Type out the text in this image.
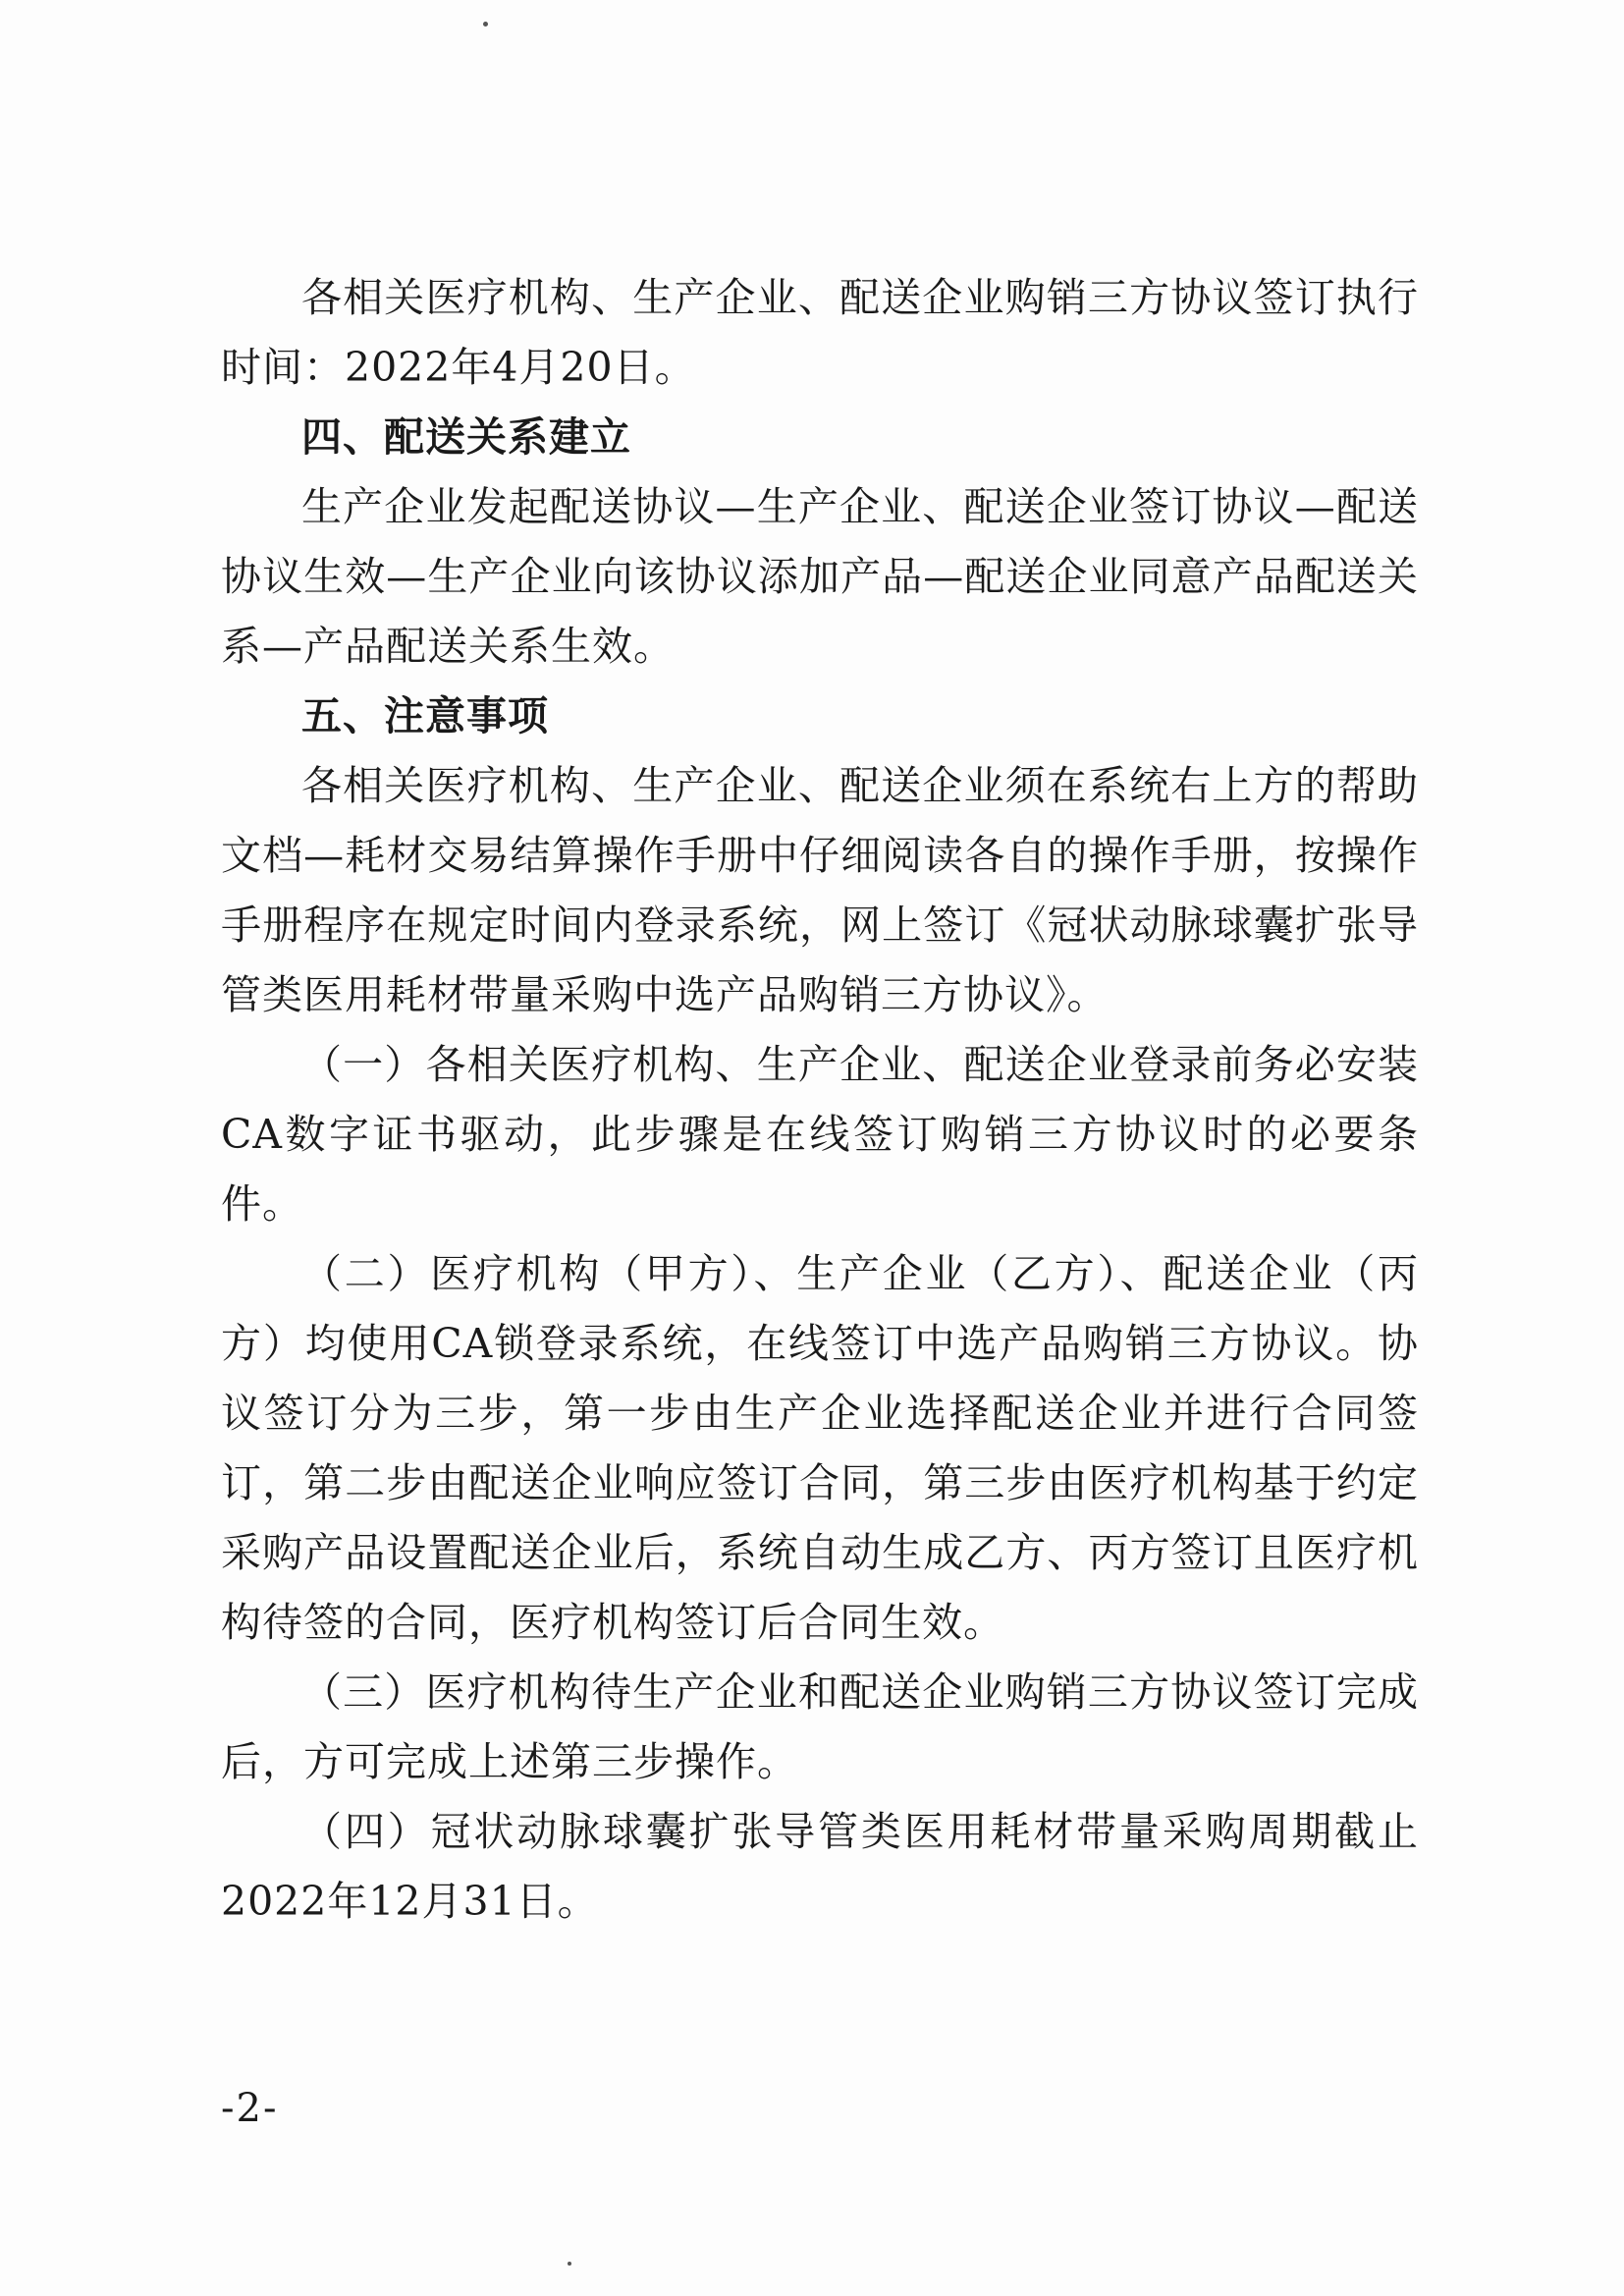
各相关医疗机构、生产企业、配送企业购销三方协议签订执行时间：2022年4月20日。

四、配送关系建立

生产企业发起配送协议—生产企业、配送企业签订协议—配送协议生效—生产企业向该协议添加产品—配送企业同意产品配送关系—产品配送关系生效。

五、注意事项

各相关医疗机构、生产企业、配送企业须在系统右上方的帮助文档—耗材交易结算操作手册中仔细阅读各自的操作手册，按操作手册程序在规定时间内登录系统，网上签订《冠状动脉球囊扩张导管类医用耗材带量采购中选产品购销三方协议》。

（一）各相关医疗机构、生产企业、配送企业登录前务必安装CA数字证书驱动，此步骤是在线签订购销三方协议时的必要条件。

（二）医疗机构（甲方）、生产企业（乙方）、配送企业（丙方）均使用CA锁登录系统，在线签订中选产品购销三方协议。协议签订分为三步，第一步由生产企业选择配送企业并进行合同签订，第二步由配送企业响应签订合同，第三步由医疗机构基于约定采购产品设置配送企业后，系统自动生成乙方、丙方签订且医疗机构待签的合同，医疗机构签订后合同生效。

（三）医疗机构待生产企业和配送企业购销三方协议签订完成后，方可完成上述第三步操作。

（四）冠状动脉球囊扩张导管类医用耗材带量采购周期截止2022年12月31日。

-2-
